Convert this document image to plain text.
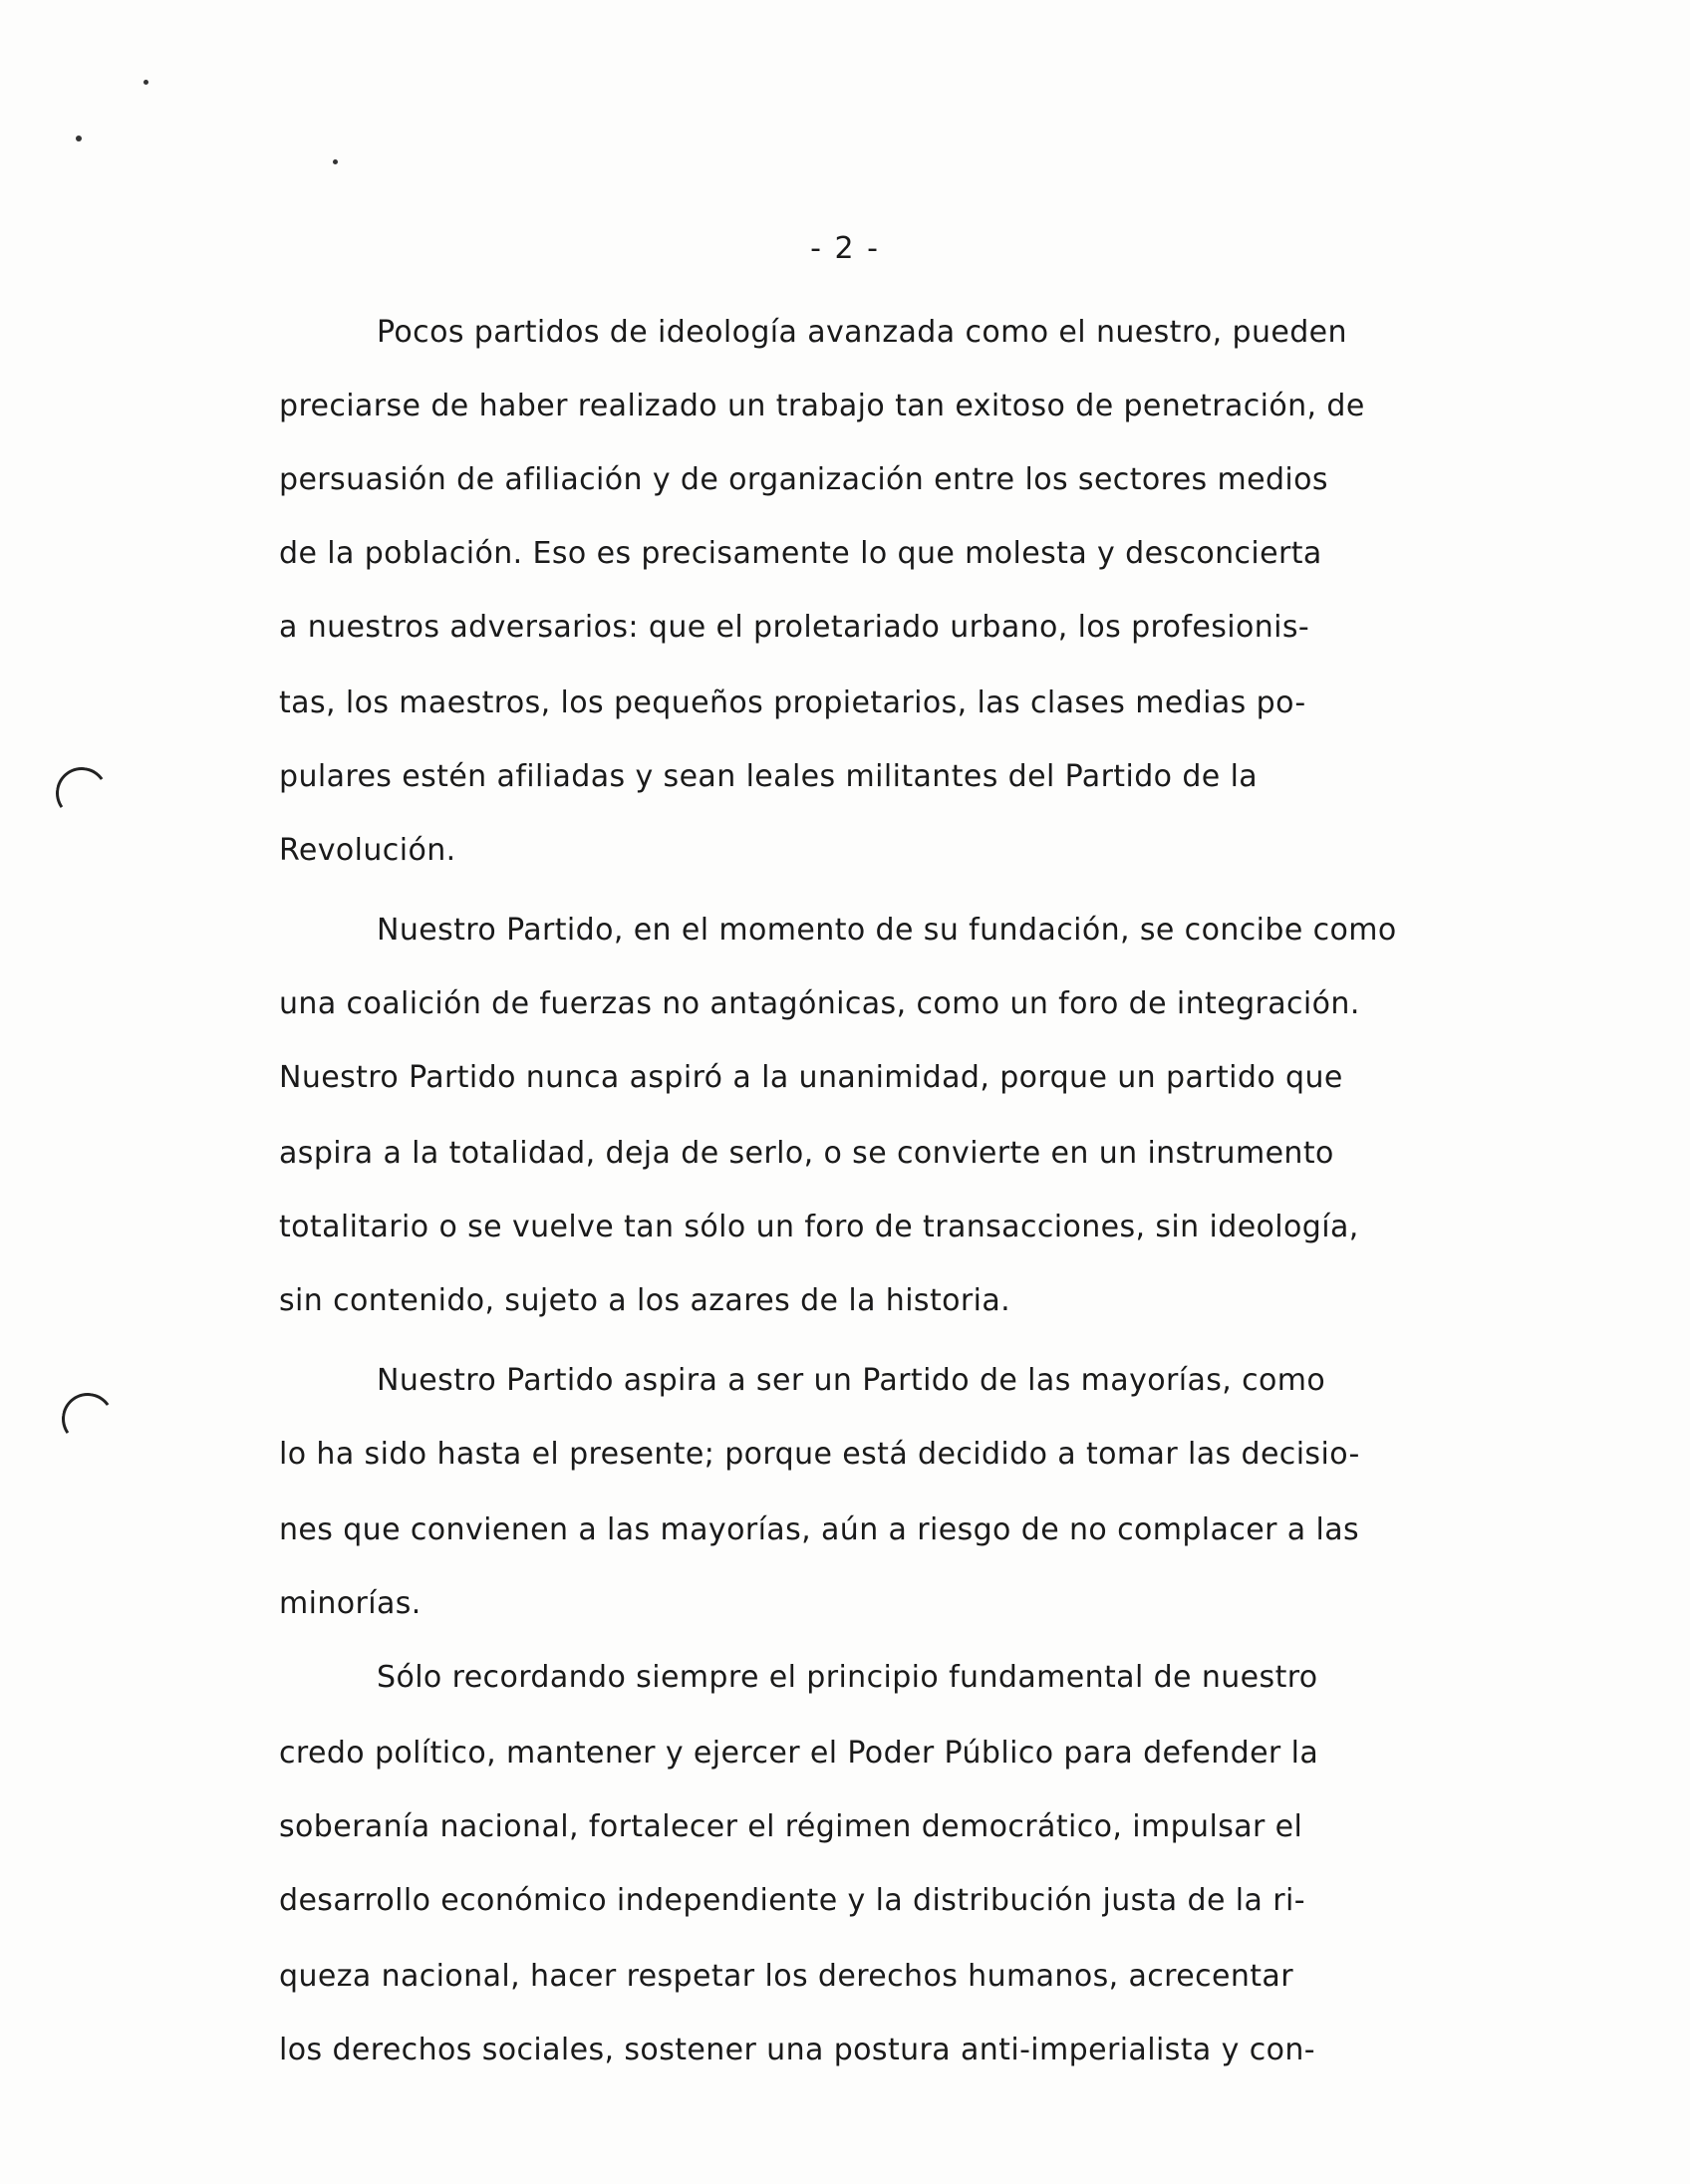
- 2 -
Pocos partidos de ideología avanzada como el nuestro, pueden
preciarse de haber realizado un trabajo tan exitoso de penetración, de
persuasión de afiliación y de organización entre los sectores medios
de la población. Eso es precisamente lo que molesta y desconcierta
a nuestros adversarios: que el proletariado urbano, los profesionis-
tas, los maestros, los pequeños propietarios, las clases medias po-
pulares estén afiliadas y sean leales militantes del Partido de la
Revolución.
Nuestro Partido, en el momento de su fundación, se concibe como
una coalición de fuerzas no antagónicas, como un foro de integración.
Nuestro Partido nunca aspiró a la unanimidad, porque un partido que
aspira a la totalidad, deja de serlo, o se convierte en un instrumento
totalitario o se vuelve tan sólo un foro de transacciones, sin ideología,
sin contenido, sujeto a los azares de la historia.
Nuestro Partido aspira a ser un Partido de las mayorías, como
lo ha sido hasta el presente; porque está decidido a tomar las decisio-
nes que convienen a las mayorías, aún a riesgo de no complacer a las
minorías.
Sólo recordando siempre el principio fundamental de nuestro
credo político, mantener y ejercer el Poder Público para defender la
soberanía nacional, fortalecer el régimen democrático, impulsar el
desarrollo económico independiente y la distribución justa de la ri-
queza nacional, hacer respetar los derechos humanos, acrecentar
los derechos sociales, sostener una postura anti-imperialista y con-
